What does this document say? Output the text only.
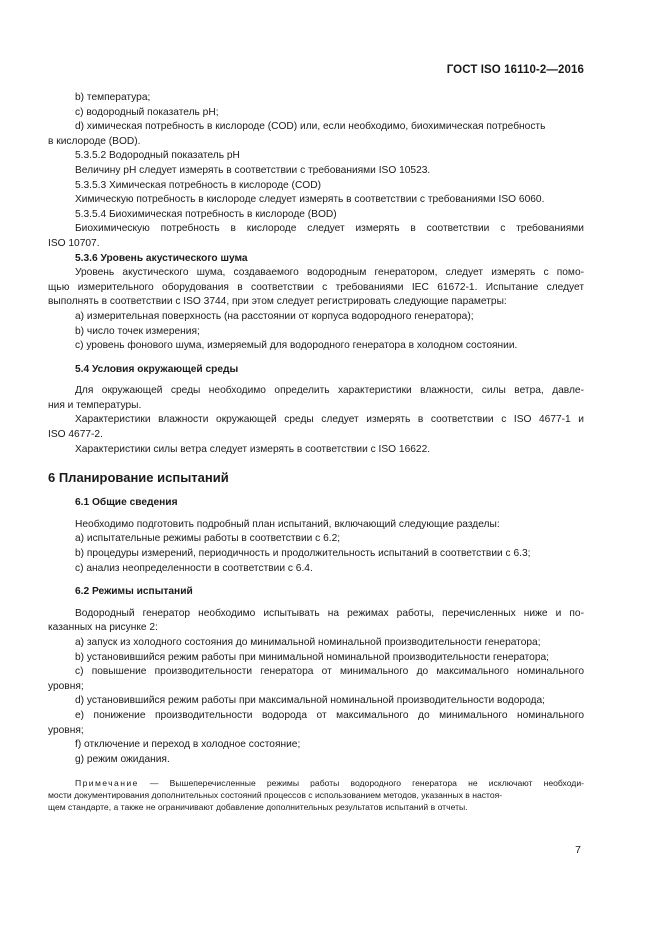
ГОСТ ISO 16110-2—2016

b) температура;

c) водородный показатель pH;

d) химическая потребность в кислороде (COD) или, если необходимо, биохимическая потребность

в кислороде (BOD).

5.3.5.2 Водородный показатель pH

Величину pH следует измерять в соответствии с требованиями ISO 10523.

5.3.5.3 Химическая потребность в кислороде (COD)

Химическую потребность в кислороде следует измерять в соответствии с требованиями ISO 6060.

5.3.5.4 Биохимическая потребность в кислороде (BOD)

Биохимическую потребность в кислороде следует измерять в соответствии с требованиями
ISO 10707.

5.3.6 Уровень акустического шума

Уровень акустического шума, создаваемого водородным генератором, следует измерять с помо-
щью измерительного оборудования в соответствии с требованиями IEC 61672-1. Испытание следует
выполнять в соответствии с ISO 3744, при этом следует регистрировать следующие параметры:

a) измерительная поверхность (на расстоянии от корпуса водородного генератора);

b) число точек измерения;

c) уровень фонового шума, измеряемый для водородного генератора в холодном состоянии.

5.4 Условия окружающей среды

Для окружающей среды необходимо определить характеристики влажности, силы ветра, давле-
ния и температуры.

Характеристики влажности окружающей среды следует измерять в соответствии с ISO 4677-1 и
ISO 4677-2.

Характеристики силы ветра следует измерять в соответствии с ISO 16622.

6 Планирование испытаний

6.1 Общие сведения

Необходимо подготовить подробный план испытаний, включающий следующие разделы:

a) испытательные режимы работы в соответствии с 6.2;

b) процедуры измерений, периодичность и продолжительность испытаний в соответствии с 6.3;

c) анализ неопределенности в соответствии с 6.4.

6.2 Режимы испытаний

Водородный генератор необходимо испытывать на режимах работы, перечисленных ниже и по-
казанных на рисунке 2:

a) запуск из холодного состояния до минимальной номинальной производительности генератора;

b) установившийся режим работы при минимальной номинальной производительности генератора;

c) повышение производительности генератора от минимального до максимального номинального
уровня;

d) установившийся режим работы при максимальной номинальной производительности водорода;

e) понижение производительности водорода от максимального до минимального номинального
уровня;

f) отключение и переход в холодное состояние;

g) режим ожидания.

Примечание — Вышеперечисленные режимы работы водородного генератора не исключают необходи-
мости документирования дополнительных состояний процессов с использованием методов, указанных в настоя-
щем стандарте, а также не ограничивают добавление дополнительных результатов испытаний в отчеты.
7
